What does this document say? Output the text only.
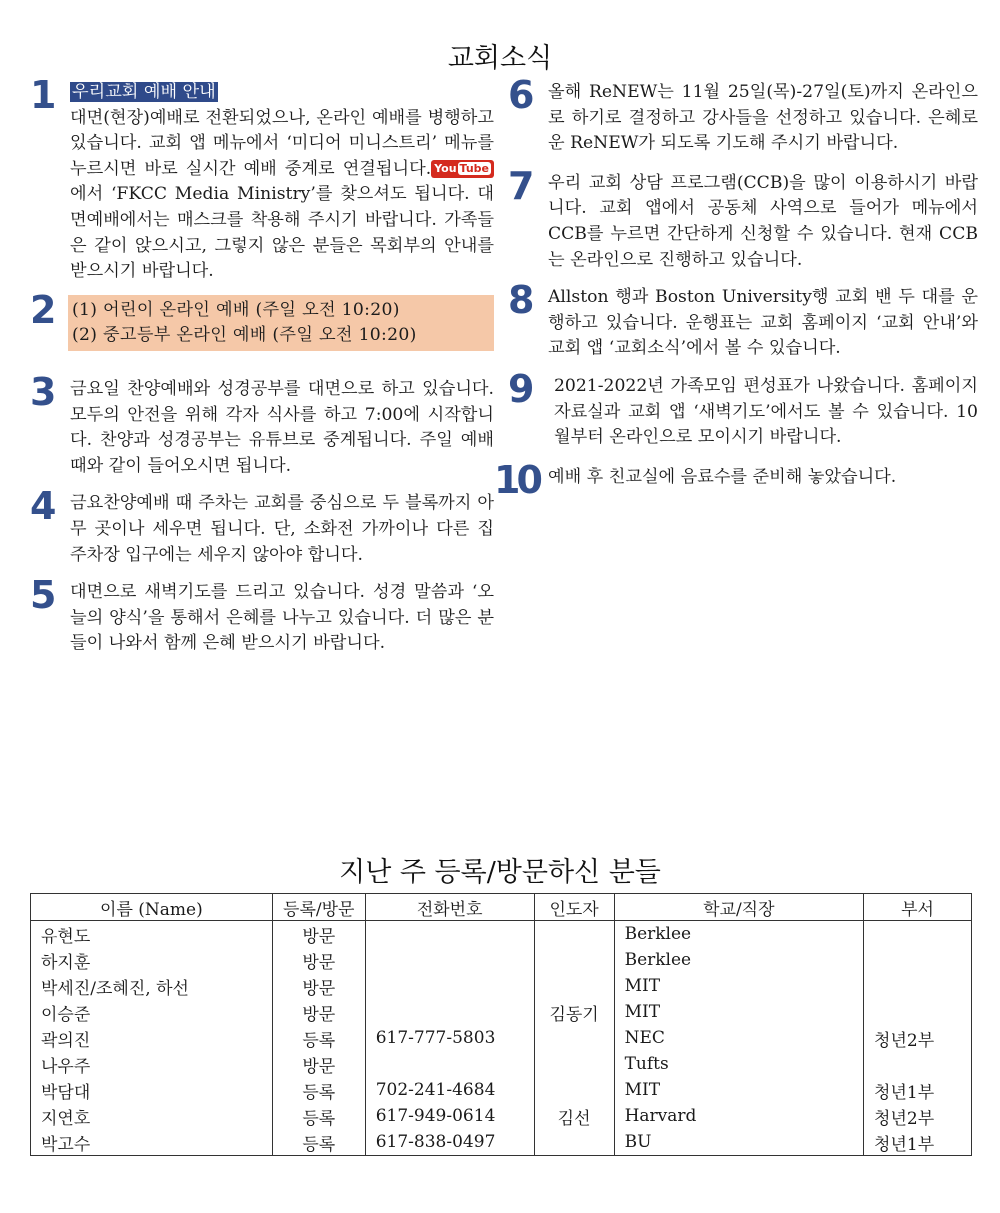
교회소식
1 우리교회 예배 안내
대면(현장)예배로 전환되었으나, 온라인 예배를 병행하고 있습니다. 교회 앱 메뉴에서 ‘미디어 미니스트리’ 메뉴를 누르시면 바로 실시간 예배 중계로 연결됩니다. You Tube에서 ‘FKCC Media Ministry’를 찾으셔도 됩니다. 대면예배에서는 매스크를 착용해 주시기 바랍니다. 가족들은 같이 앉으시고, 그렇지 않은 분들은 목회부의 안내를 받으시기 바랍니다.
2 (1) 어린이 온라인 예배 (주일 오전 10:20)
(2) 중고등부 온라인 예배 (주일 오전 10:20)
3 금요일 찬양예배와 성경공부를 대면으로 하고 있습니다. 모두의 안전을 위해 각자 식사를 하고 7:00에 시작합니다. 찬양과 성경공부는 유튜브로 중계됩니다. 주일 예배 때와 같이 들어오시면 됩니다.
4 금요찬양예배 때 주차는 교회를 중심으로 두 블록까지 아무 곳이나 세우면 됩니다. 단, 소화전 가까이나 다른 집 주차장 입구에는 세우지 않아야 합니다.
5 대면으로 새벽기도를 드리고 있습니다. 성경 말씀과 ‘오늘의 양식’을 통해서 은혜를 나누고 있습니다. 더 많은 분들이 나와서 함께 은혜 받으시기 바랍니다.
6 올해 ReNEW는 11월 25일(목)-27일(토)까지 온라인으로 하기로 결정하고 강사들을 선정하고 있습니다. 은혜로운 ReNEW가 되도록 기도해 주시기 바랍니다.
7 우리 교회 상담 프로그램(CCB)을 많이 이용하시기 바랍니다. 교회 앱에서 공동체 사역으로 들어가 메뉴에서 CCB를 누르면 간단하게 신청할 수 있습니다. 현재 CCB는 온라인으로 진행하고 있습니다.
8 Allston 행과 Boston University행 교회 밴 두 대를 운행하고 있습니다. 운행표는 교회 홈페이지 ‘교회 안내’와 교회 앱 ‘교회소식’에서 볼 수 있습니다.
9 2021-2022년 가족모임 편성표가 나왔습니다. 홈페이지 자료실과 교회 앱 ‘새벽기도’에서도 볼 수 있습니다. 10월부터 온라인으로 모이시기 바랍니다.
10 예배 후 친교실에 음료수를 준비해 놓았습니다.
지난 주 등록/방문하신 분들
이름 (Name)	등록/방문	전화번호	인도자	학교/직장	부서
유현도	방문			Berklee	
하지훈	방문			Berklee	
박세진/조혜진, 하선	방문			MIT	
이승준	방문		김동기	MIT	
곽의진	등록	617-777-5803		NEC	청년2부
나우주	방문			Tufts	
박담대	등록	702-241-4684		MIT	청년1부
지연호	등록	617-949-0614	김선	Harvard	청년2부
박고수	등록	617-838-0497		BU	청년1부
